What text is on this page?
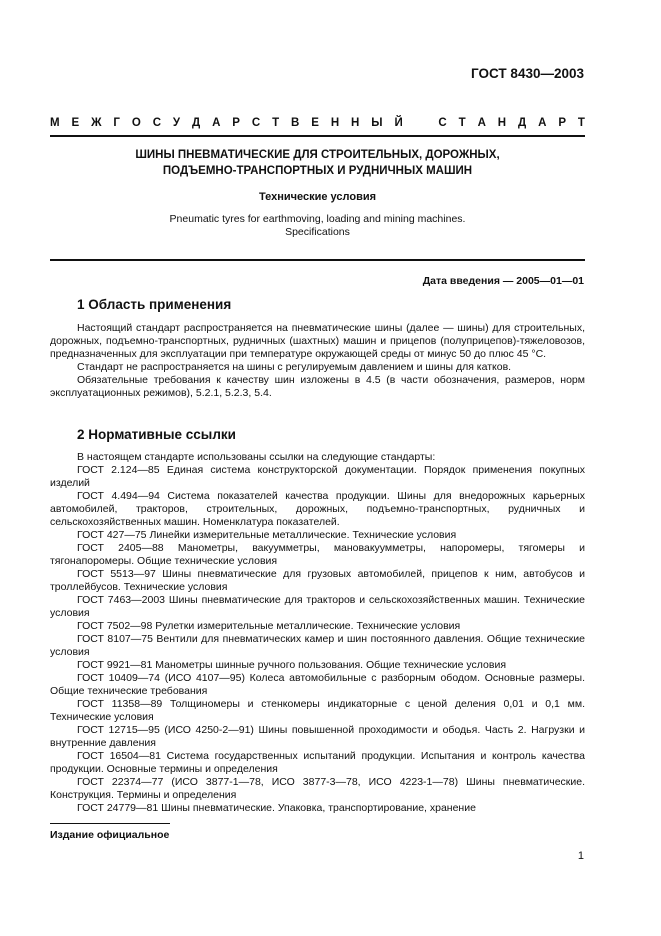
ГОСТ 8430—2003
М Е Ж Г О С У Д А Р С Т В Е Н Н Ы Й	С Т А Н Д А Р Т
ШИНЫ ПНЕВМАТИЧЕСКИЕ ДЛЯ СТРОИТЕЛЬНЫХ, ДОРОЖНЫХ,
ПОДЪЕМНО-ТРАНСПОРТНЫХ И РУДНИЧНЫХ МАШИН
Технические условия
Pneumatic tyres for earthmoving, loading and mining machines.
Specifications
Дата введения — 2005—01—01
1 Область применения

Настоящий стандарт распространяется на пневматические шины (далее — шины) для строительных, дорожных, подъемно-транспортных, рудничных (шахтных) машин и прицепов (полуприцепов)-тяжеловозов, предназначенных для эксплуатации при температуре окружающей среды от минус 50 до плюс 45 °С.

Стандарт не распространяется на шины с регулируемым давлением и шины для катков.

Обязательные требования к качеству шин изложены в 4.5 (в части обозначения, размеров, норм эксплуатационных режимов), 5.2.1, 5.2.3, 5.4.

2 Нормативные ссылки

В настоящем стандарте использованы ссылки на следующие стандарты:

ГОСТ 2.124—85 Единая система конструкторской документации. Порядок применения покупных изделий

ГОСТ 4.494—94 Система показателей качества продукции. Шины для внедорожных карьерных автомобилей, тракторов, строительных, дорожных, подъемно-транспортных, рудничных и сельскохозяйственных машин. Номенклатура показателей.

ГОСТ 427—75 Линейки измерительные металлические. Технические условия

ГОСТ 2405—88 Манометры, вакуумметры, мановакуумметры, напоромеры, тягомеры и тягонапоромеры. Общие технические условия

ГОСТ 5513—97 Шины пневматические для грузовых автомобилей, прицепов к ним, автобусов и троллейбусов. Технические условия

ГОСТ 7463—2003 Шины пневматические для тракторов и сельскохозяйственных машин. Технические условия

ГОСТ 7502—98 Рулетки измерительные металлические. Технические условия

ГОСТ 8107—75 Вентили для пневматических камер и шин постоянного давления. Общие технические условия

ГОСТ 9921—81 Манометры шинные ручного пользования. Общие технические условия

ГОСТ 10409—74 (ИСО 4107—95) Колеса автомобильные с разборным ободом. Основные размеры. Общие технические требования

ГОСТ 11358—89 Толщиномеры и стенкомеры индикаторные с ценой деления 0,01 и 0,1 мм. Технические условия

ГОСТ 12715—95 (ИСО 4250-2—91) Шины повышенной проходимости и ободья. Часть 2. Нагрузки и внутренние давления

ГОСТ 16504—81 Система государственных испытаний продукции. Испытания и контроль качества продукции. Основные термины и определения

ГОСТ 22374—77 (ИСО 3877-1—78, ИСО 3877-3—78, ИСО 4223-1—78) Шины пневматические. Конструкция. Термины и определения

ГОСТ 24779—81 Шины пневматические. Упаковка, транспортирование, хранение

Издание официальное
1
